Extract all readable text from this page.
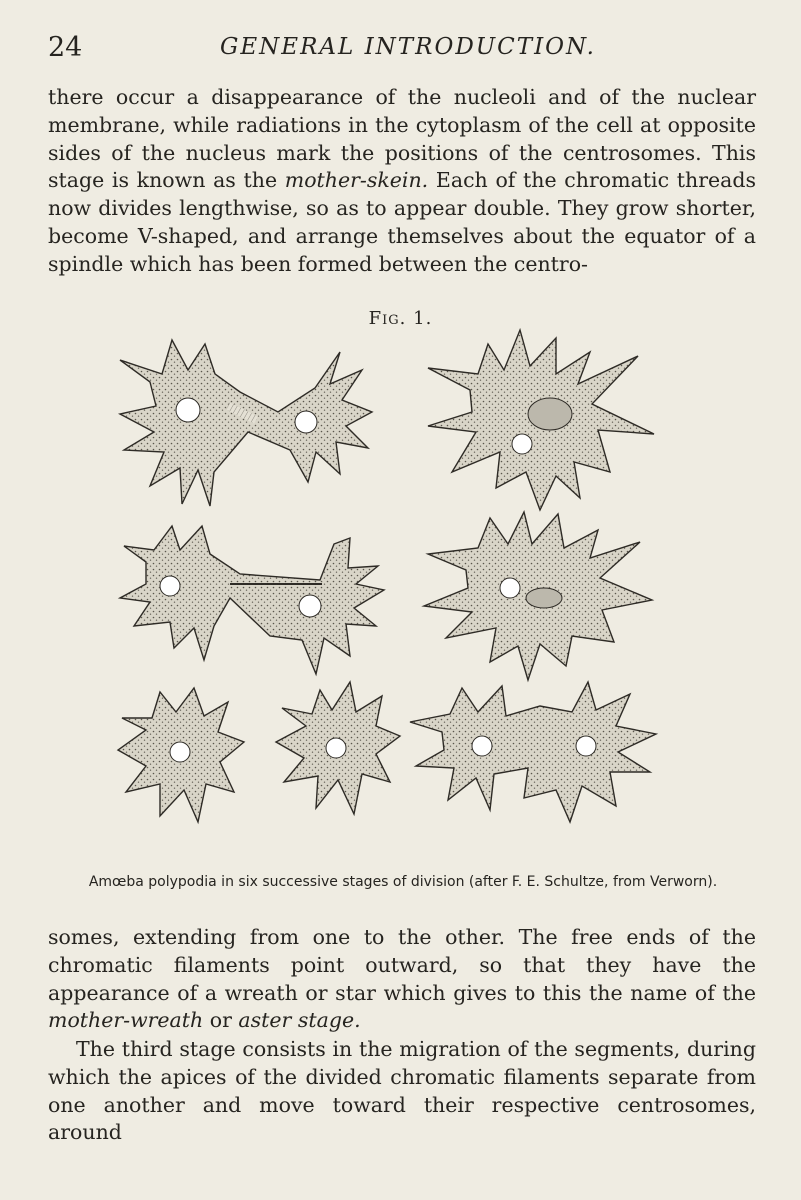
24	GENERAL INTRODUCTION.

there occur a disappearance of the nucleoli and of the nuclear membrane, while radiations in the cytoplasm of the cell at opposite sides of the nucleus mark the positions of the centrosomes. This stage is known as the mother-skein. Each of the chromatic threads now divides lengthwise, so as to appear double. They grow shorter, become V-shaped, and arrange themselves about the equator of a spindle which has been formed between the centro-

Fig. 1.

Amœba polypodia in six successive stages of division (after F. E. Schultze, from Verworn).

somes, extending from one to the other. The free ends of the chromatic filaments point outward, so that they have the appearance of a wreath or star which gives to this the name of the mother-wreath or aster stage.

The third stage consists in the migration of the segments, during which the apices of the divided chromatic filaments separate from one another and move toward their respective centrosomes, around
